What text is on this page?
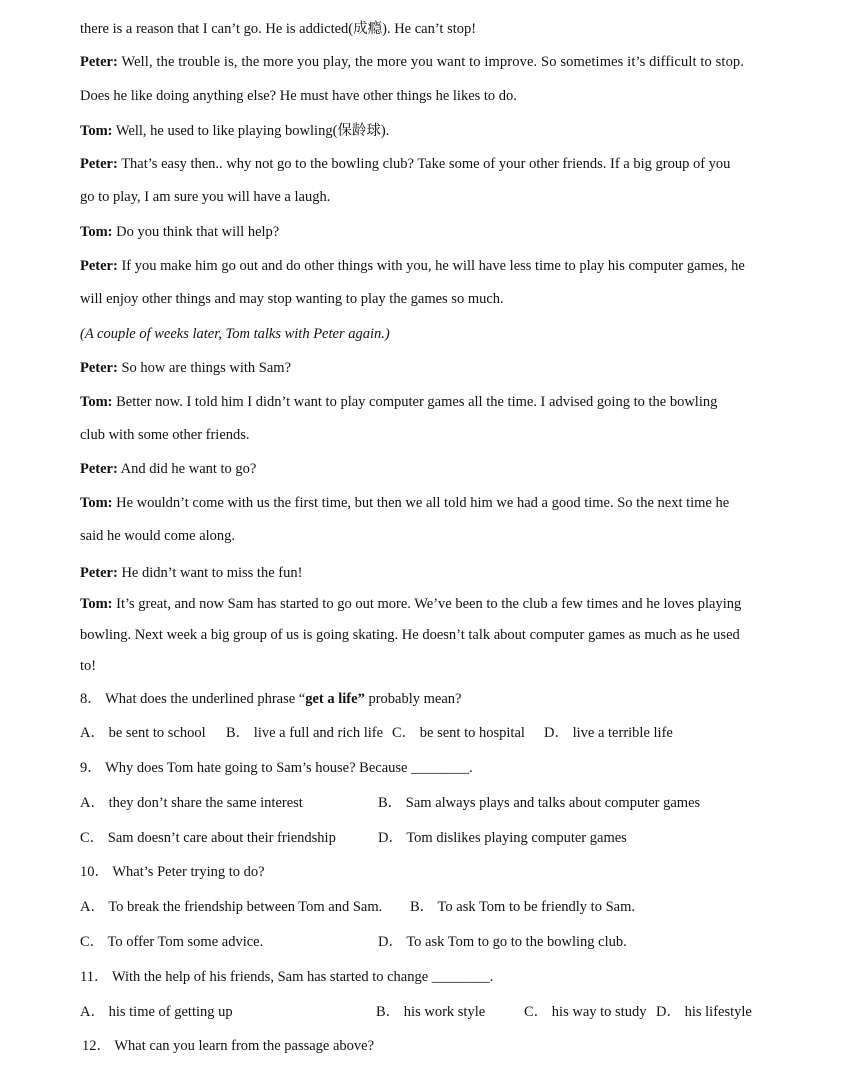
there is a reason that I can’t go. He is addicted(成瘾). He can’t stop!
Peter: Well, the trouble is, the more you play, the more you want to improve. So sometimes it’s difficult to stop.
Does he like doing anything else? He must have other things he likes to do.
Tom: Well, he used to like playing bowling(保龄球).
Peter: That’s easy then.. why not go to the bowling club? Take some of your other friends. If a big group of you
go to play, I am sure you will have a laugh.
Tom: Do you think that will help?
Peter: If you make him go out and do other things with you, he will have less time to play his computer games, he
will enjoy other things and may stop wanting to play the games so much.
(A couple of weeks later, Tom talks with Peter again.)
Peter: So how are things with Sam?
Tom: Better now. I told him I didn’t want to play computer games all the time. I advised going to the bowling
club with some other friends.
Peter: And did he want to go?
Tom: He wouldn’t come with us the first time, but then we all told him we had a good time. So the next time he
said he would come along.
Peter: He didn’t want to miss the fun!
Tom: It’s great, and now Sam has started to go out more. We’ve been to the club a few times and he loves playing
bowling. Next week a big group of us is going skating. He doesn’t talk about computer games as much as he used
to!
8． What does the underlined phrase “get a life” probably mean?
A． be sent to school B． live a full and rich life C． be sent to hospital D． live a terrible life
9． Why does Tom hate going to Sam’s house? Because ________.
A． they don’t share the same interest	B． Sam always plays and talks about computer games
C． Sam doesn’t care about their friendship	D． Tom dislikes playing computer games
10． What’s Peter trying to do?
A． To break the friendship between Tom and Sam. B． To ask Tom to be friendly to Sam.
C． To offer Tom some advice.	D． To ask Tom to go to the bowling club.
11． With the help of his friends, Sam has started to change ________.
A． his time of getting up	B． his work style	C． his way to study D． his lifestyle
12． What can you learn from the passage above?
